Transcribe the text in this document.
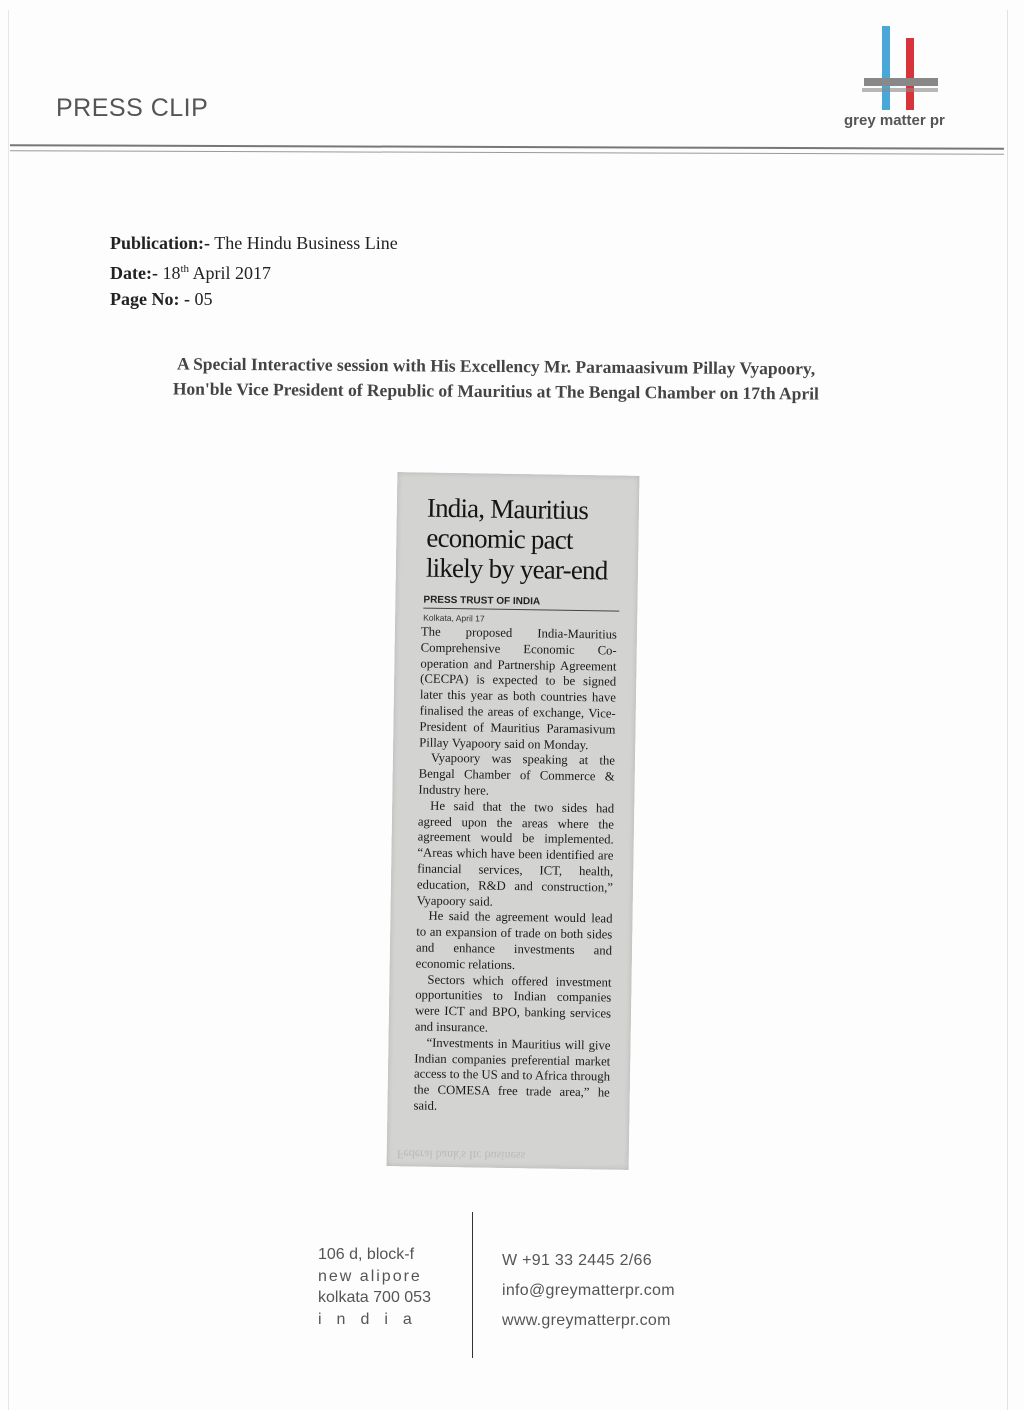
PRESS CLIP	grey matter pr
Publication:- The Hindu Business Line
Date:- 18th April 2017
Page No: - 05
A Special Interactive session with His Excellency Mr. Paramaasivum Pillay Vyapoory,
Hon'ble Vice President of Republic of Mauritius at The Bengal Chamber on 17th April
India, Mauritius economic pact likely by year-end
PRESS TRUST OF INDIA
Kolkata, April 17

The proposed India-Mauritius Comprehensive Economic Co-operation and Partnership Agreement (CECPA) is expected to be signed later this year as both countries have finalised the areas of exchange, Vice-President of Mauritius Paramasivum Pillay Vyapoory said on Monday.

Vyapoory was speaking at the Bengal Chamber of Commerce & Industry here.

He said that the two sides had agreed upon the areas where the agreement would be implemented. “Areas which have been identified are financial services, ICT, health, education, R&D and construction,” Vyapoory said.

He said the agreement would lead to an expansion of trade on both sides and enhance investments and economic relations.

Sectors which offered investment opportunities to Indian companies were ICT and BPO, banking services and insurance.

“Investments in Mauritius will give Indian companies preferential market access to the US and to Africa through the COMESA free trade area,” he said.

Federal bank's Itc business
106 d, block-f
new alipore
kolkata 700 053
india
W +91 33 2445 2/66
info@greymatterpr.com
www.greymatterpr.com
